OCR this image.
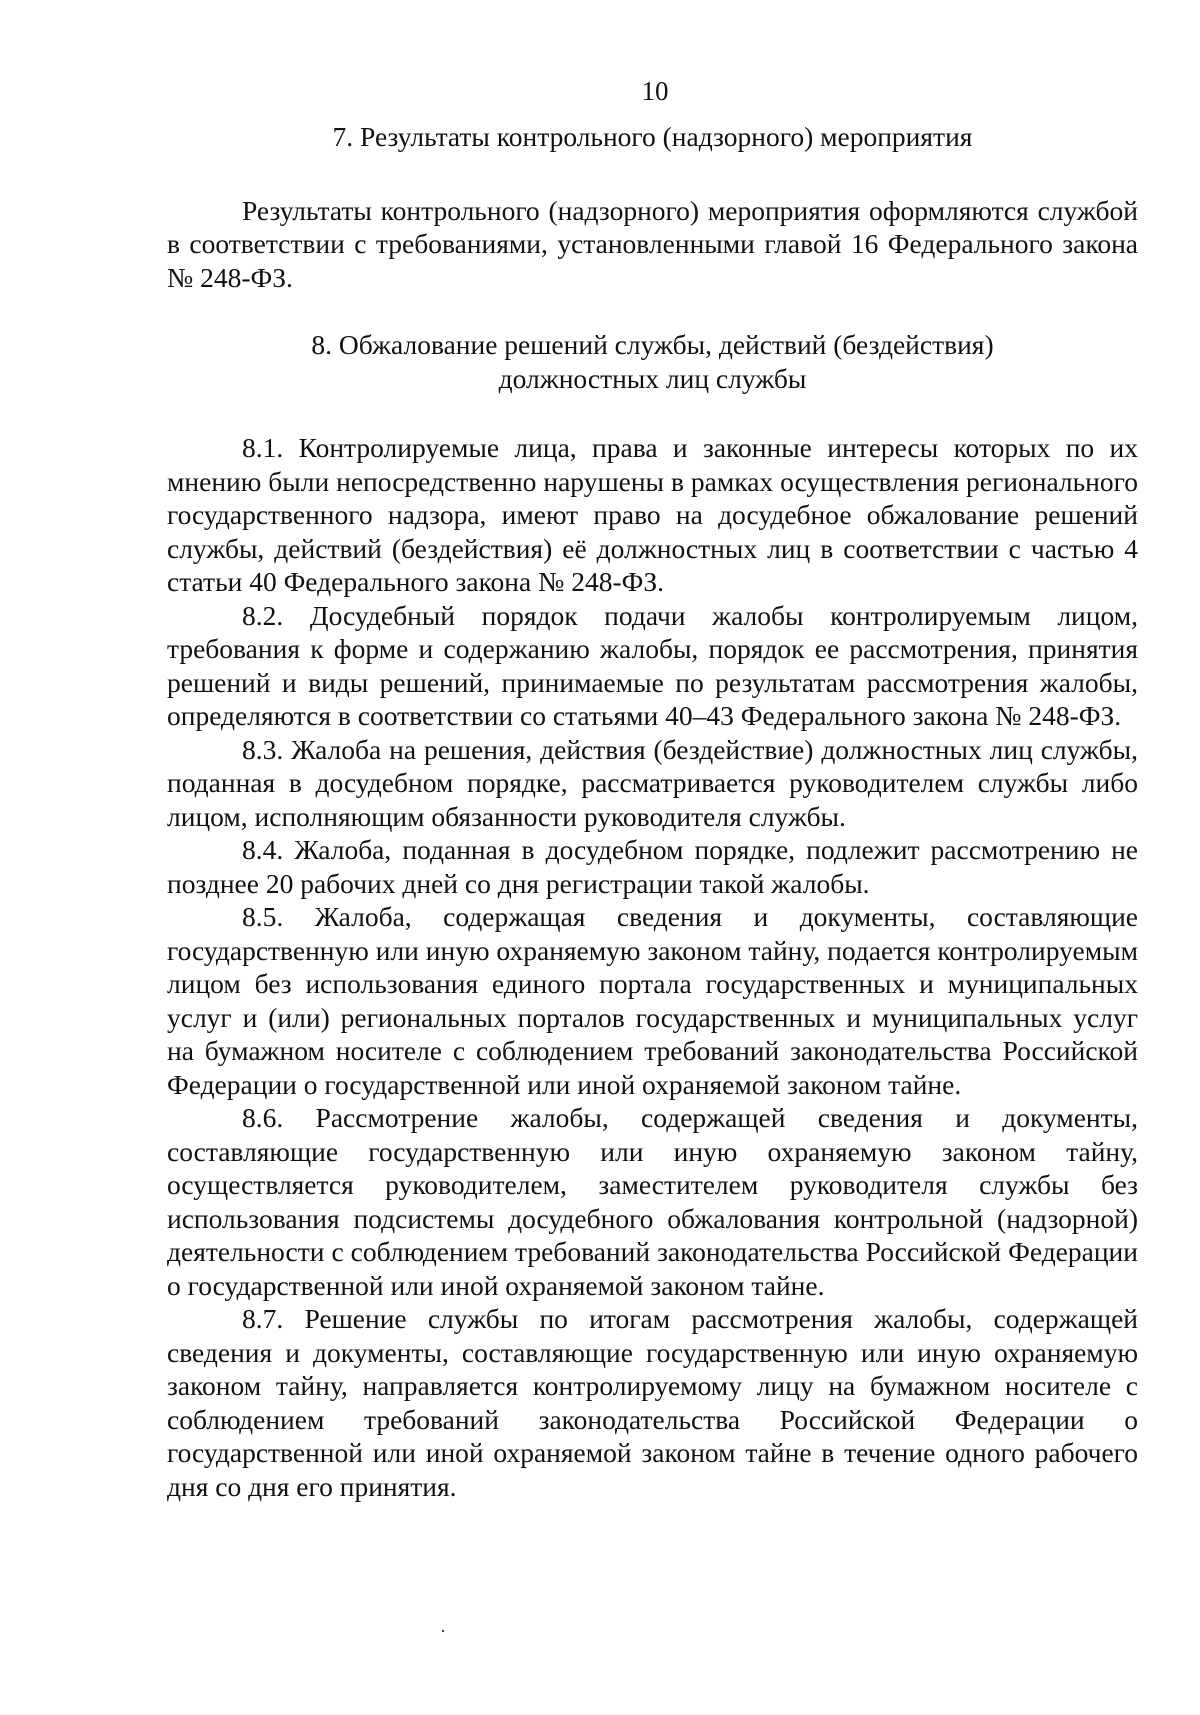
10
7. Результаты контрольного (надзорного) мероприятия

Результаты контрольного (надзорного) мероприятия оформляются службой в соответствии с требованиями, установленными главой 16 Федерального закона № 248-ФЗ.

8. Обжалование решений службы, действий (бездействия)
должностных лиц службы

8.1. Контролируемые лица, права и законные интересы которых по их мнению были непосредственно нарушены в рамках осуществления регионального государственного надзора, имеют право на досудебное обжалование решений службы, действий (бездействия) её должностных лиц в соответствии с частью 4 статьи 40 Федерального закона № 248-ФЗ.

8.2. Досудебный порядок подачи жалобы контролируемым лицом, требования к форме и содержанию жалобы, порядок ее рассмотрения, принятия решений и виды решений, принимаемые по результатам рассмотрения жалобы, определяются в соответствии со статьями 40–43 Федерального закона № 248-ФЗ.

8.3. Жалоба на решения, действия (бездействие) должностных лиц службы, поданная в досудебном порядке, рассматривается руководителем службы либо лицом, исполняющим обязанности руководителя службы.

8.4. Жалоба, поданная в досудебном порядке, подлежит рассмотрению не позднее 20 рабочих дней со дня регистрации такой жалобы.

8.5. Жалоба, содержащая сведения и документы, составляющие государственную или иную охраняемую законом тайну, подается контролируемым лицом без использования единого портала государственных и муниципальных услуг и (или) региональных порталов государственных и муниципальных услуг на бумажном носителе с соблюдением требований законодательства Российской Федерации о государственной или иной охраняемой законом тайне.

8.6. Рассмотрение жалобы, содержащей сведения и документы, составляющие государственную или иную охраняемую законом тайну, осуществляется руководителем, заместителем руководителя службы без использования подсистемы досудебного обжалования контрольной (надзорной) деятельности с соблюдением требований законодательства Российской Федерации о государственной или иной охраняемой законом тайне.

8.7. Решение службы по итогам рассмотрения жалобы, содержащей сведения и документы, составляющие государственную или иную охраняемую законом тайну, направляется контролируемому лицу на бумажном носителе с соблюдением требований законодательства Российской Федерации о государственной или иной охраняемой законом тайне в течение одного рабочего дня со дня его принятия.
